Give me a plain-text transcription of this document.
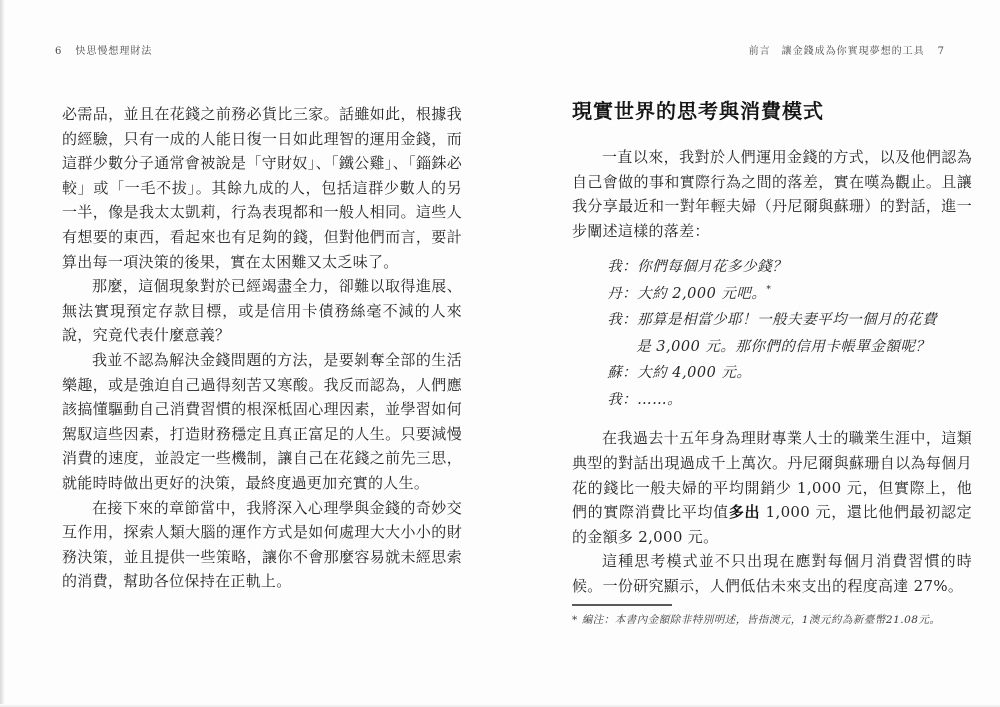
6 快思慢想理財法	前言　讓金錢成為你實現夢想的工具 7

必需品，並且在花錢之前務必貨比三家。話雖如此，根據我的經驗，只有一成的人能日復一日如此理智的運用金錢，而這群少數分子通常會被說是「守財奴」、「鐵公雞」、「錙銖必較」或「一毛不拔」。其餘九成的人，包括這群少數人的另一半，像是我太太凱莉，行為表現都和一般人相同。這些人有想要的東西，看起來也有足夠的錢，但對他們而言，要計算出每一項決策的後果，實在太困難又太乏味了。

那麼，這個現象對於已經竭盡全力，卻難以取得進展、無法實現預定存款目標，或是信用卡債務絲毫不減的人來說，究竟代表什麼意義？

我並不認為解決金錢問題的方法，是要剝奪全部的生活樂趣，或是強迫自己過得刻苦又寒酸。我反而認為，人們應該搞懂驅動自己消費習慣的根深柢固心理因素，並學習如何駕馭這些因素，打造財務穩定且真正富足的人生。只要減慢消費的速度，並設定一些機制，讓自己在花錢之前先三思，就能時時做出更好的決策，最終度過更加充實的人生。

在接下來的章節當中，我將深入心理學與金錢的奇妙交互作用，探索人類大腦的運作方式是如何處理大大小小的財務決策，並且提供一些策略，讓你不會那麼容易就未經思索的消費，幫助各位保持在正軌上。

現實世界的思考與消費模式

一直以來，我對於人們運用金錢的方式，以及他們認為自己會做的事和實際行為之間的落差，實在嘆為觀止。且讓我分享最近和一對年輕夫婦（丹尼爾與蘇珊）的對話，進一步闡述這樣的落差：

我：你們每個月花多少錢？
丹：大約 2,000 元吧。*
我：那算是相當少耶！一般夫妻平均一個月的花費
是 3,000 元。那你們的信用卡帳單金額呢？
蘇：大約 4,000 元。
我：……。

在我過去十五年身為理財專業人士的職業生涯中，這類典型的對話出現過成千上萬次。丹尼爾與蘇珊自以為每個月花的錢比一般夫婦的平均開銷少 1,000 元，但實際上，他們的實際消費比平均值多出 1,000 元，還比他們最初認定的金額多 2,000 元。

這種思考模式並不只出現在應對每個月消費習慣的時候。一份研究顯示，人們低估未來支出的程度高達 27%。

* 編注：本書內金額除非特別明述，皆指澳元，1澳元約為新臺幣21.08元。
